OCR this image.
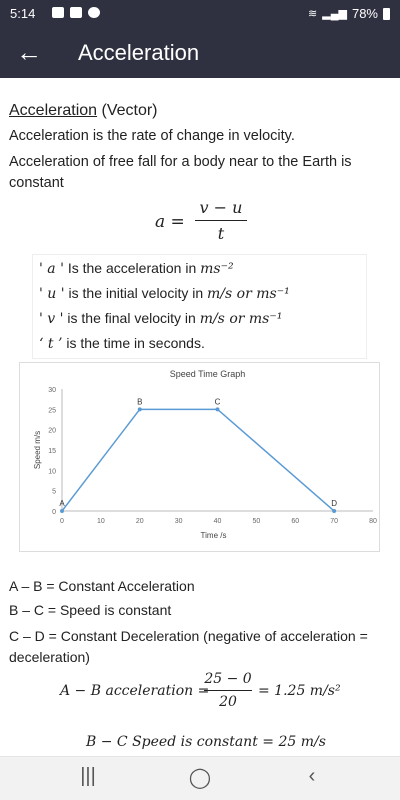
5:14	≋ ▂▄▆ 78%
← Acceleration
Acceleration (Vector)
Acceleration is the rate of change in velocity.
Acceleration of free fall for a body near to the Earth is constant
a =
v − u
t
' a ' Is the acceleration in ms⁻²
' u ' is the initial velocity in m/s or ms⁻¹
' v ' is the final velocity in m/s or ms⁻¹
‘ t ’ is the time in seconds.
Speed Time Graph
0
5
10
15
20
25
30
0	10	20	30	40	50	60	70	80
Time /s
Speed m/s
A
B	C
D
A – B = Constant Acceleration
B – C = Speed is constant
C – D = Constant Deceleration (negative of acceleration = deceleration)
A − B acceleration =
25 − 0
20
= 1.25 m/s²
B − C Speed is constant = 25 m/s
|||	◯	‹
